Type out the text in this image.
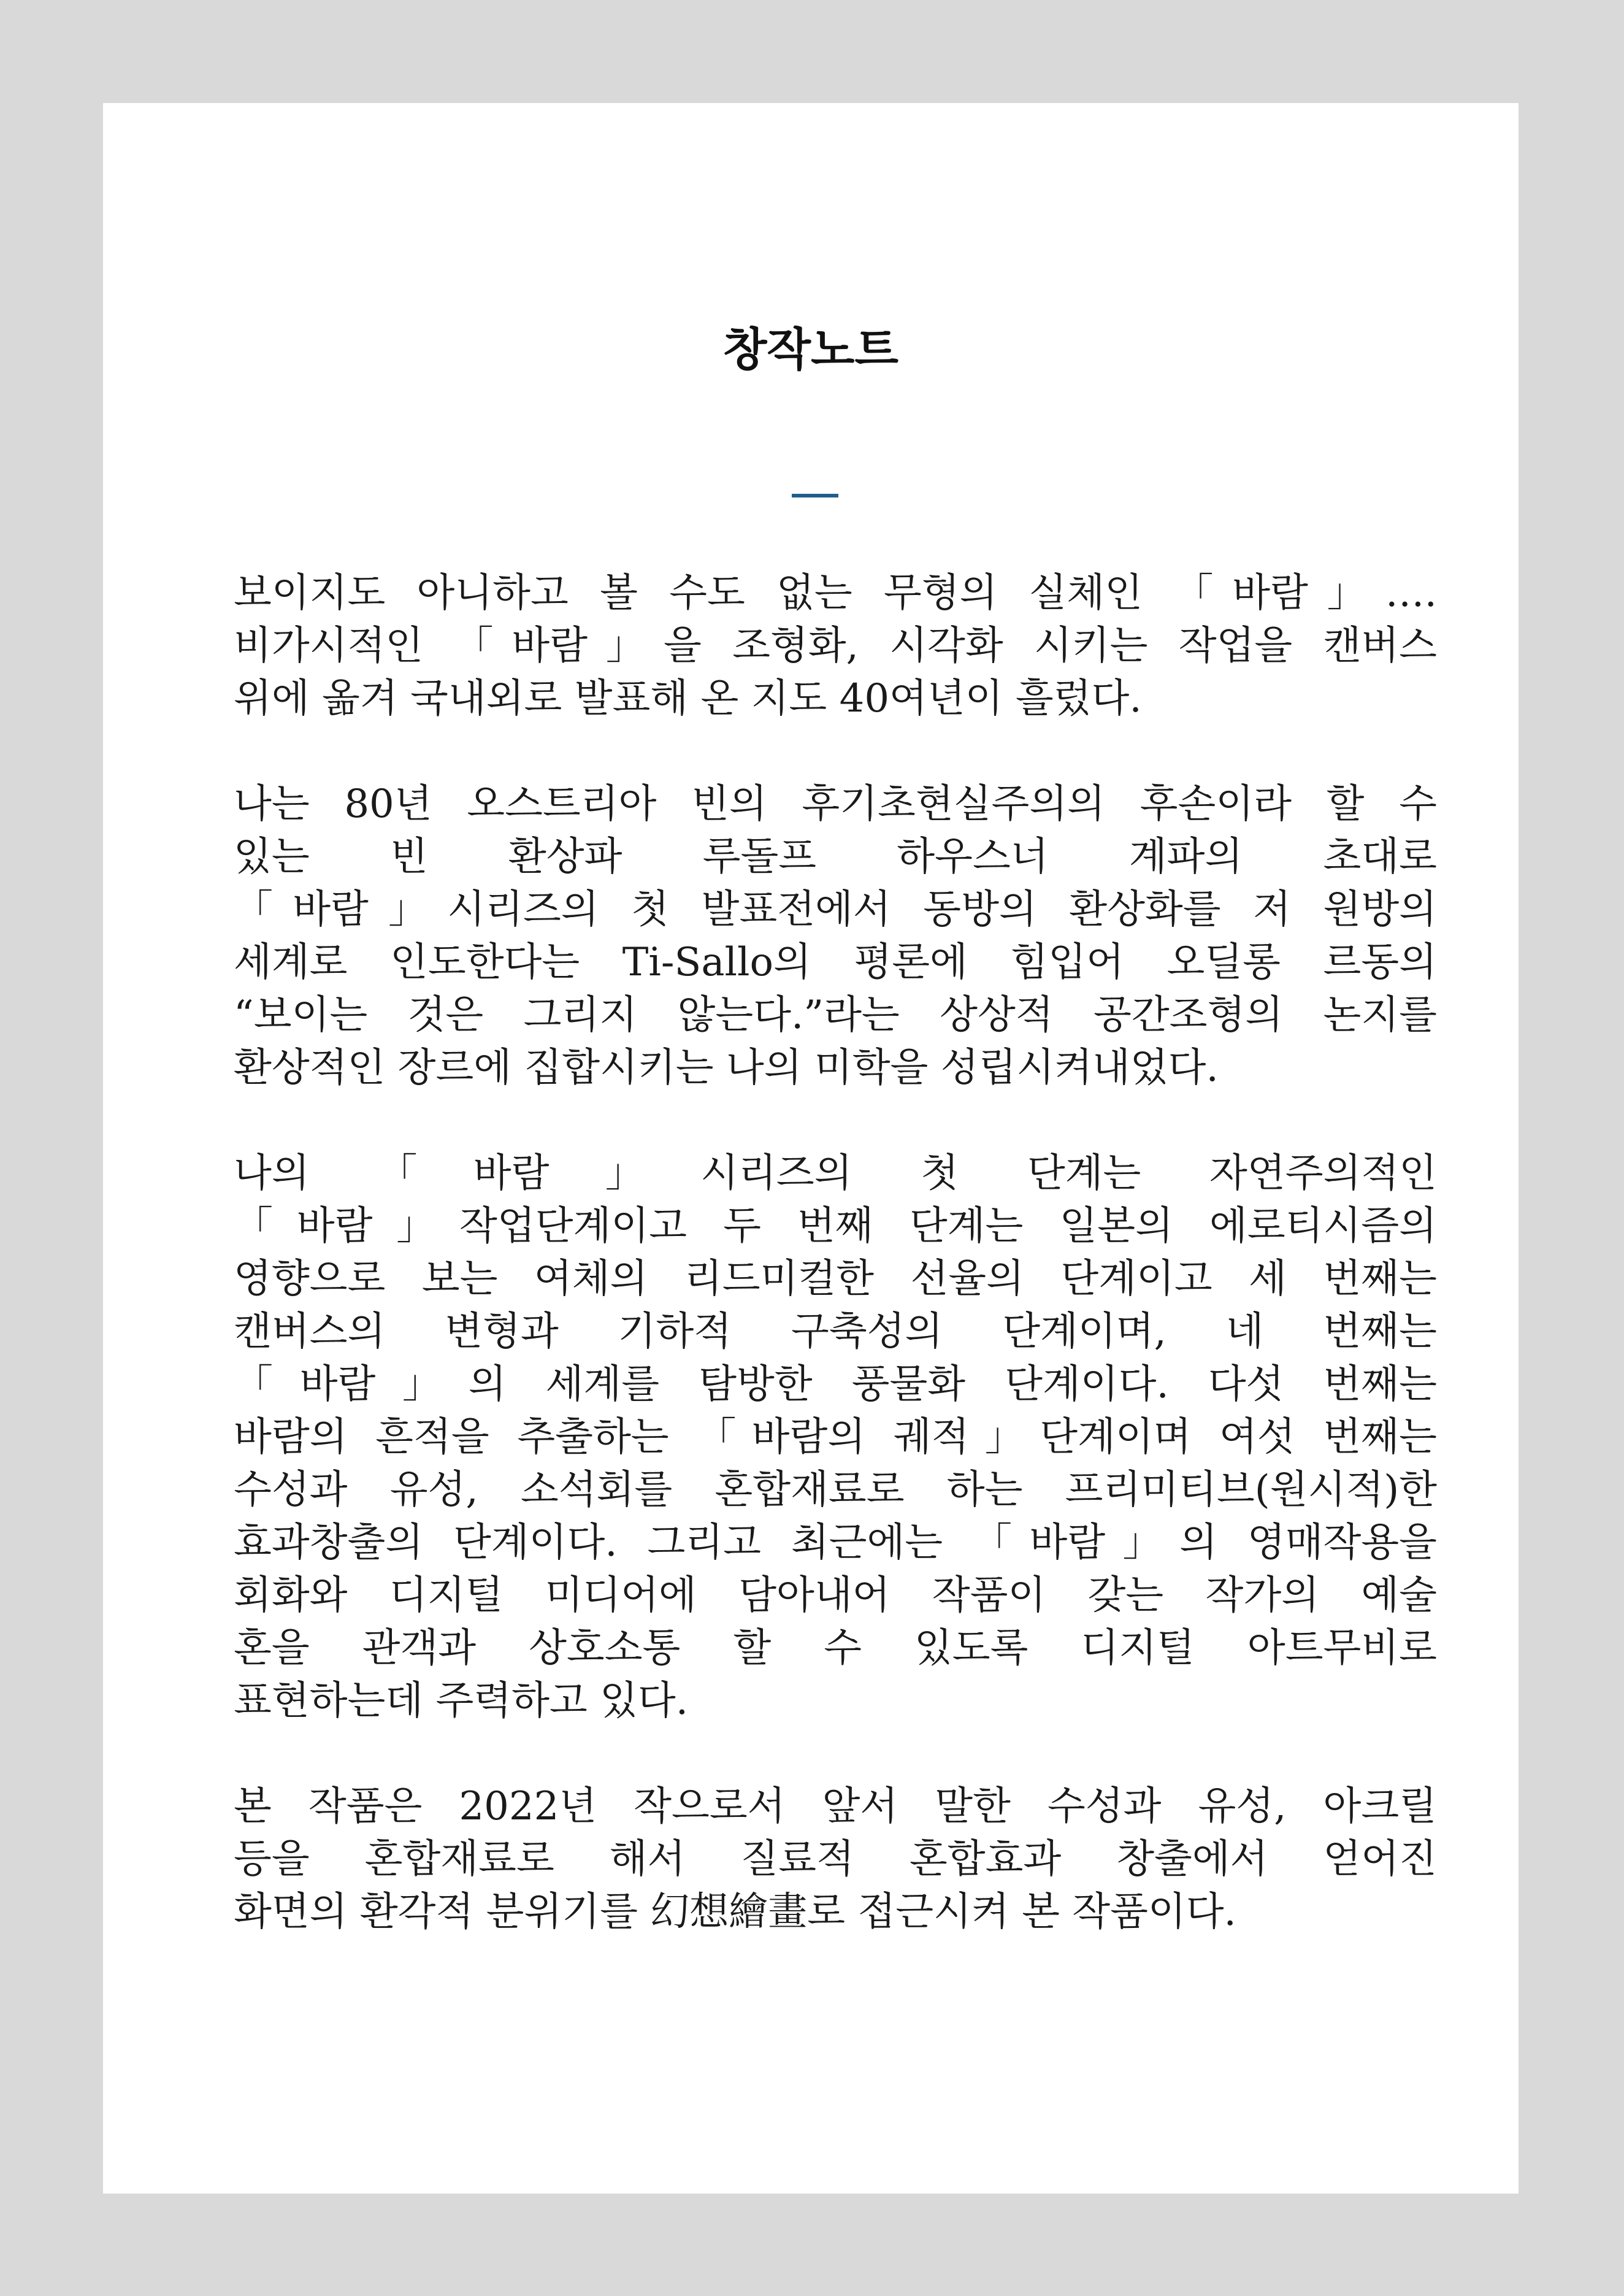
창작노트

보이지도 아니하고 볼 수도 없는 무형의 실체인 「바람」….
비가시적인 「바람」을 조형화, 시각화 시키는 작업을 캔버스
위에 옮겨 국내외로 발표해 온 지도 40여년이 흘렀다.

나는 80년 오스트리아 빈의 후기초현실주의의 후손이라 할 수
있는 빈 환상파 루돌프 하우스너 계파의 초대로
「바람」시리즈의 첫 발표전에서 동방의 환상화를 저 원방의
세계로 인도한다는 Ti-Sallo의 평론에 힘입어 오딜롱 르동의
“보이는 것은 그리지 않는다.”라는 상상적 공간조형의 논지를
환상적인 장르에 집합시키는 나의 미학을 성립시켜내었다.

나의 「바람」시리즈의 첫 단계는 자연주의적인
「바람」작업단계이고 두 번째 단계는 일본의 에로티시즘의
영향으로 보는 여체의 리드미컬한 선율의 단계이고 세 번째는
캔버스의 변형과 기하적 구축성의 단계이며, 네 번째는
「바람」의 세계를 탐방한 풍물화 단계이다. 다섯 번째는
바람의 흔적을 추출하는 「바람의 궤적」단계이며 여섯 번째는
수성과 유성, 소석회를 혼합재료로 하는 프리미티브(원시적)한
효과창출의 단계이다. 그리고 최근에는 「바람」의 영매작용을
회화와 디지털 미디어에 담아내어 작품이 갖는 작가의 예술
혼을 관객과 상호소통 할 수 있도록 디지털 아트무비로
표현하는데 주력하고 있다.

본 작품은 2022년 작으로서 앞서 말한 수성과 유성, 아크릴
등을 혼합재료로 해서 질료적 혼합효과 창출에서 얻어진
화면의 환각적 분위기를 幻想繪畫로 접근시켜 본 작품이다.
